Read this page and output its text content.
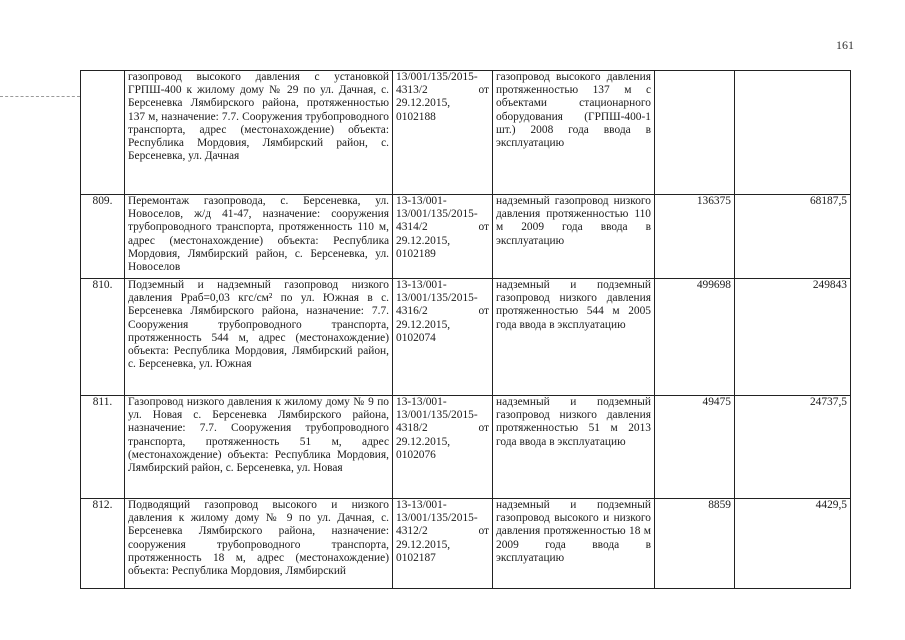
161
	газопровод высокого давления с установкой ГРПШ-400 к жилому дому № 29 по ул. Дачная, с. Берсеневка Лямбирского района, протяженностью 137 м, назначение: 7.7. Сооружения трубопроводного транспорта, адрес (местонахождение) объекта: Республика Мордовия, Лямбирский район, с. Берсеневка, ул. Дачная	13/001/135/2015-4313/2 от 29.12.2015, 0102188	газопровод высокого давления протяженностью 137 м с объектами стационарного оборудования (ГРПШ-400-1 шт.) 2008 года ввода в эксплуатацию		
809.	Перемонтаж газопровода, с. Берсеневка, ул. Новоселов, ж/д 41-47, назначение: сооружения трубопроводного транспорта, протяженность 110 м, адрес (местонахождение) объекта: Республика Мордовия, Лямбирский район, с. Берсеневка, ул. Новоселов	13-13/001-13/001/135/2015-4314/2 от 29.12.2015, 0102189	надземный газопровод низкого давления протяженностью 110 м 2009 года ввода в эксплуатацию	136375	68187,5
810.	Подземный и надземный газопровод низкого давления Рраб=0,03 кгс/см² по ул. Южная в с. Берсеневка Лямбирского района, назначение: 7.7. Сооружения трубопроводного транспорта, протяженность 544 м, адрес (местонахождение) объекта: Республика Мордовия, Лямбирский район, с. Берсеневка, ул. Южная	13-13/001-13/001/135/2015-4316/2 от 29.12.2015, 0102074	надземный и подземный газопровод низкого давления протяженностью 544 м 2005 года ввода в эксплуатацию	499698	249843
811.	Газопровод низкого давления к жилому дому № 9 по ул. Новая с. Берсеневка Лямбирского района, назначение: 7.7. Сооружения трубопроводного транспорта, протяженность 51 м, адрес (местонахождение) объекта: Республика Мордовия, Лямбирский район, с. Берсеневка, ул. Новая	13-13/001-13/001/135/2015-4318/2 от 29.12.2015, 0102076	надземный и подземный газопровод низкого давления протяженностью 51 м 2013 года ввода в эксплуатацию	49475	24737,5
812.	Подводящий газопровод высокого и низкого давления к жилому дому № 9 по ул. Дачная, с. Берсеневка Лямбирского района, назначение: сооружения трубопроводного транспорта, протяженность 18 м, адрес (местонахождение) объекта: Республика Мордовия, Лямбирский	13-13/001-13/001/135/2015-4312/2 от 29.12.2015, 0102187	надземный и подземный газопровод высокого и низкого давления протяженностью 18 м 2009 года ввода в эксплуатацию	8859	4429,5
